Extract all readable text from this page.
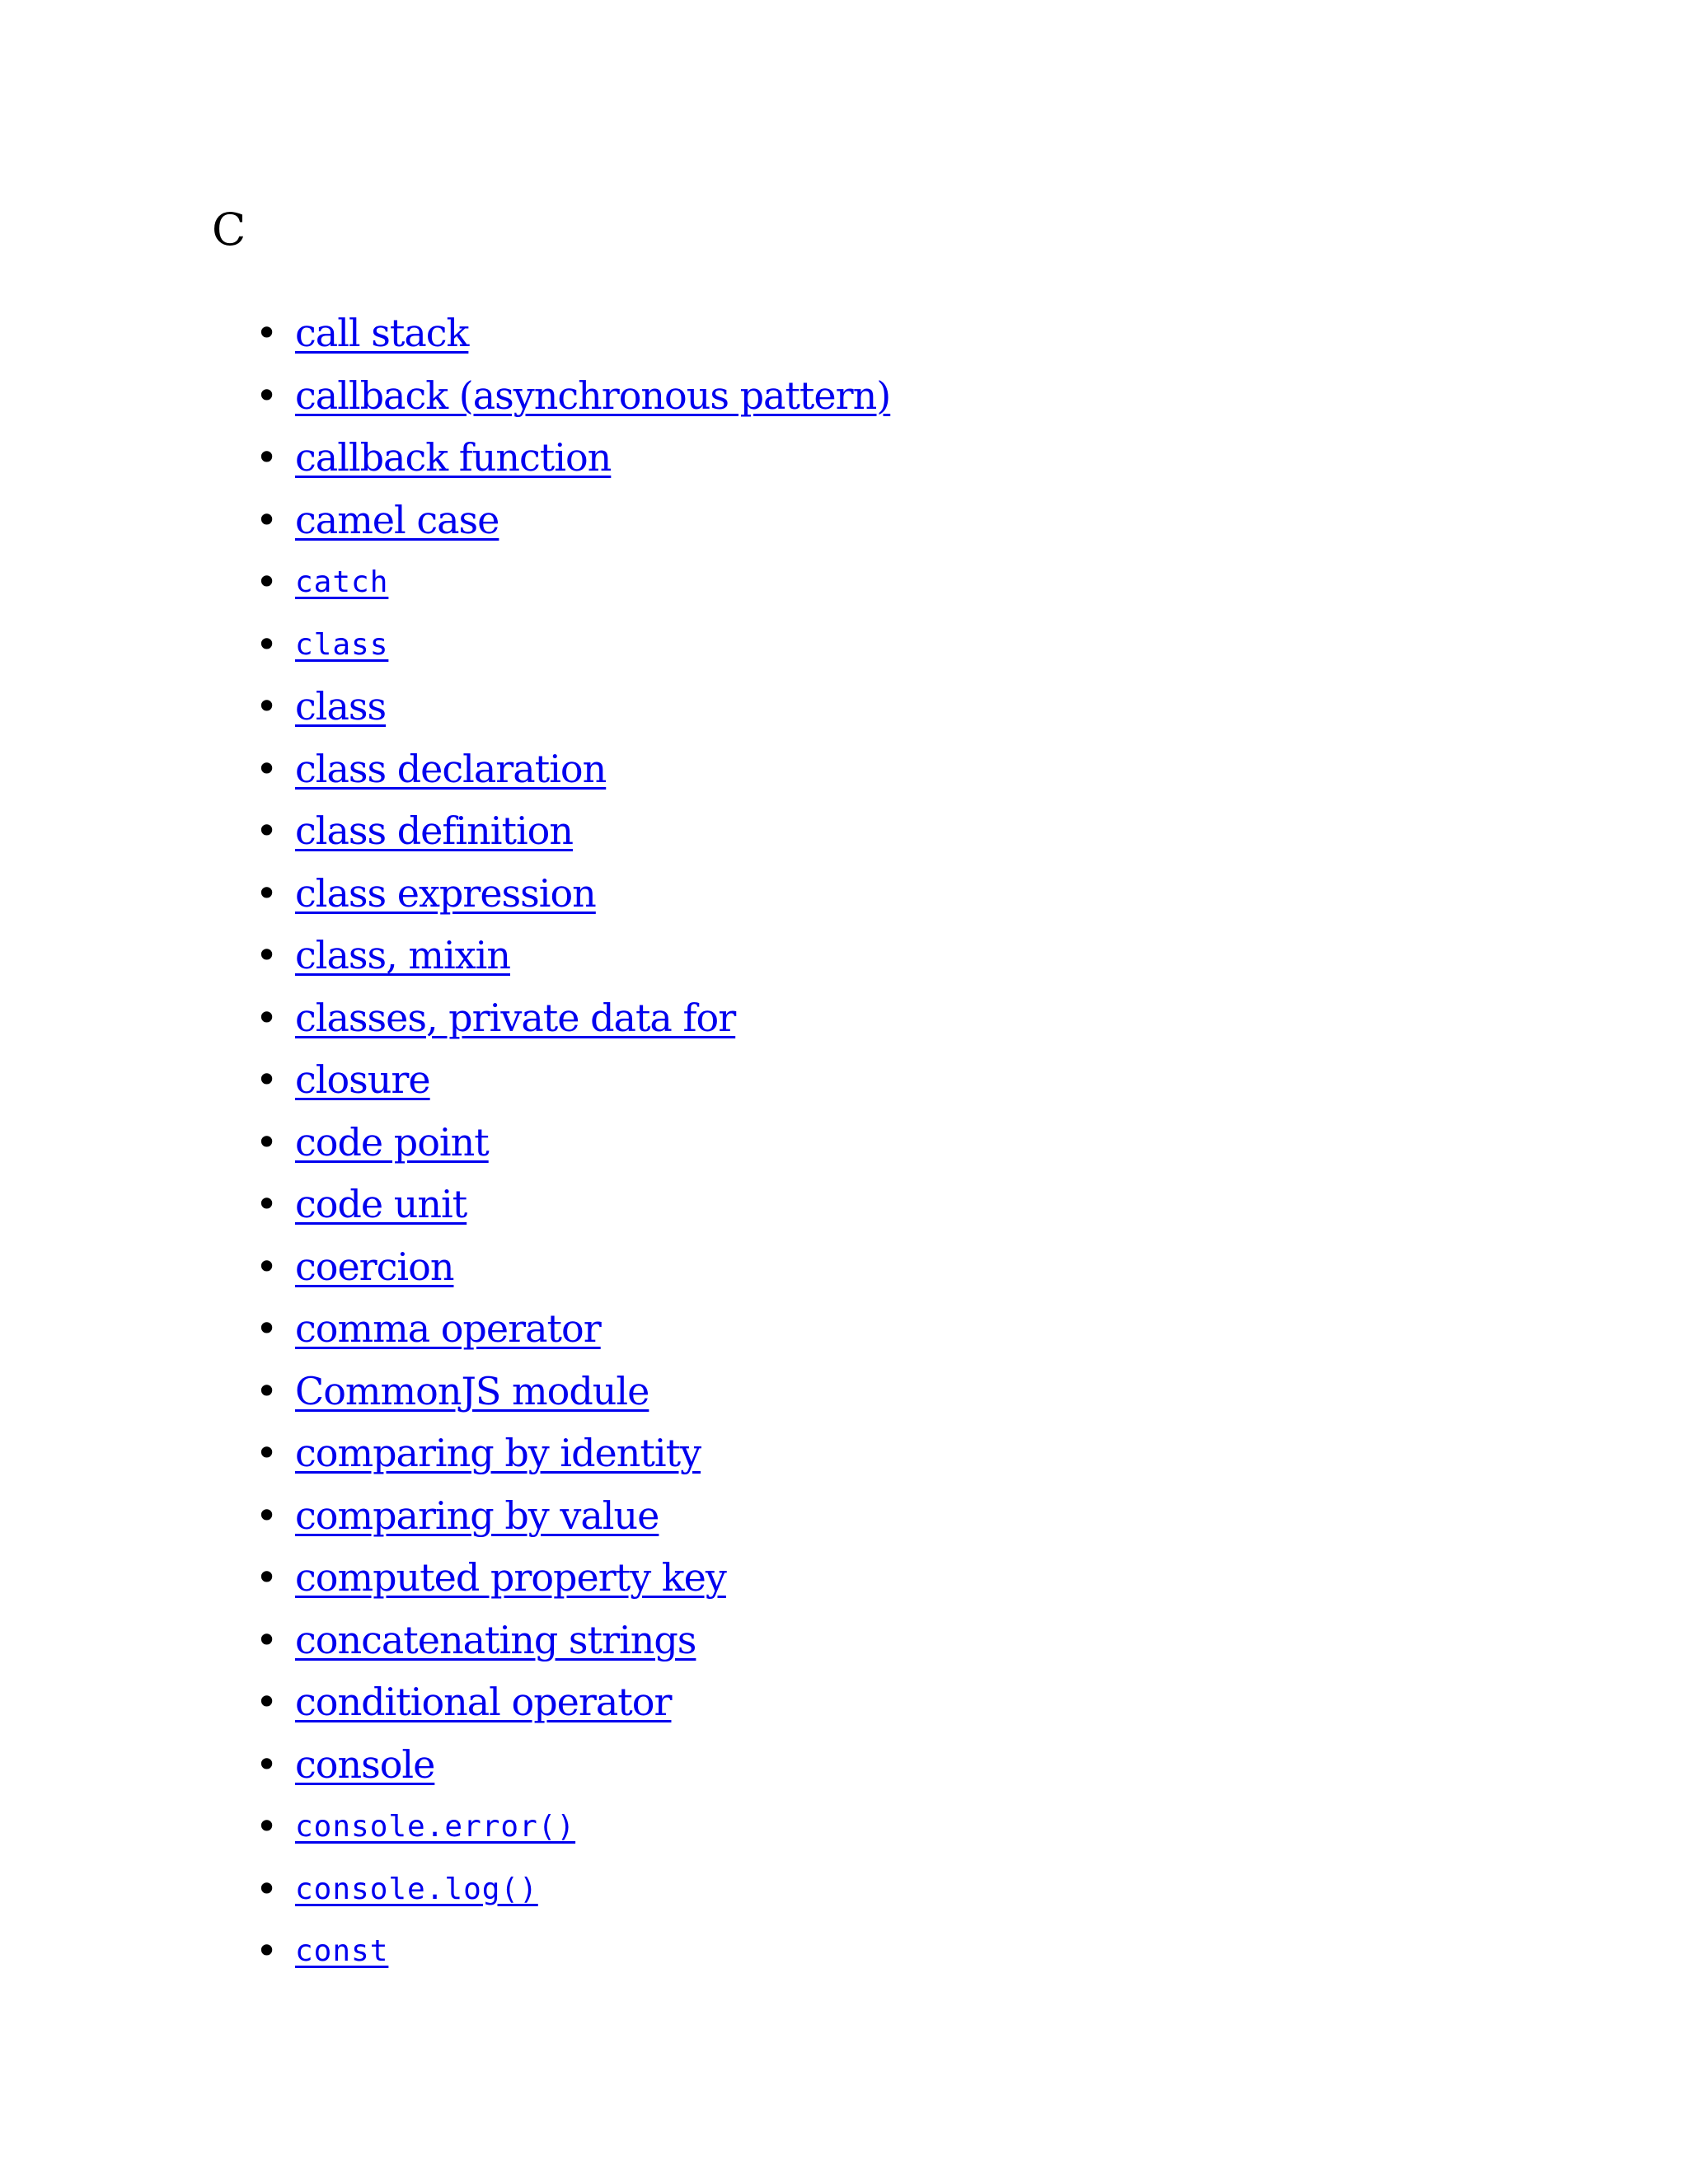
C
• call stack
• callback (asynchronous pattern)
• callback function
• camel case
• catch
• class
• class
• class declaration
• class definition
• class expression
• class, mixin
• classes, private data for
• closure
• code point
• code unit
• coercion
• comma operator
• CommonJS module
• comparing by identity
• comparing by value
• computed property key
• concatenating strings
• conditional operator
• console
• console.error()
• console.log()
• const
